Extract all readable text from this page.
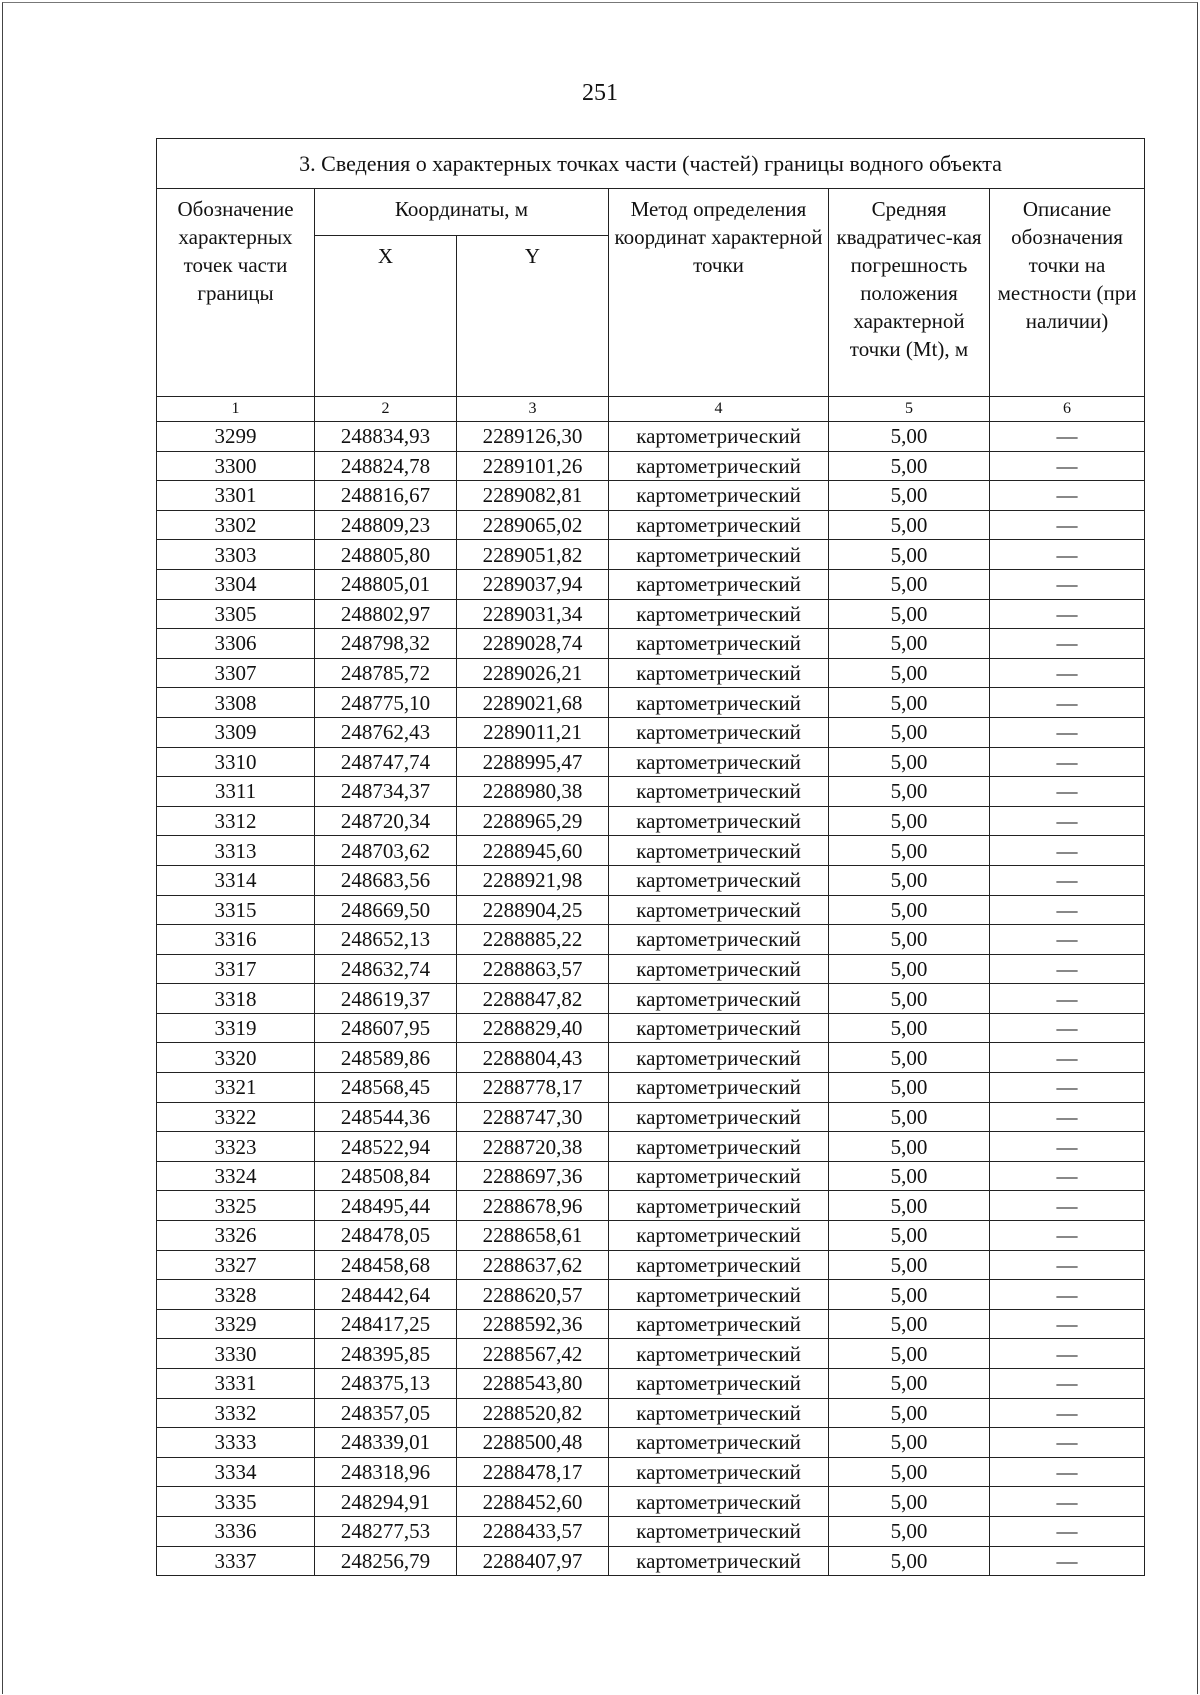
251
3. Сведения о характерных точках части (частей) границы водного объекта					
Обозначение характерных точек части границы	Координаты, м		Метод определения координат характерной точки	Средняя квадратичес-кая погрешность положения характерной точки (Mt), м	Описание обозначения точки на местности (при наличии)
	X	Y			
1	2	3	4	5	6
3299	248834,93	2289126,30	картометрический	5,00	—
3300	248824,78	2289101,26	картометрический	5,00	—
3301	248816,67	2289082,81	картометрический	5,00	—
3302	248809,23	2289065,02	картометрический	5,00	—
3303	248805,80	2289051,82	картометрический	5,00	—
3304	248805,01	2289037,94	картометрический	5,00	—
3305	248802,97	2289031,34	картометрический	5,00	—
3306	248798,32	2289028,74	картометрический	5,00	—
3307	248785,72	2289026,21	картометрический	5,00	—
3308	248775,10	2289021,68	картометрический	5,00	—
3309	248762,43	2289011,21	картометрический	5,00	—
3310	248747,74	2288995,47	картометрический	5,00	—
3311	248734,37	2288980,38	картометрический	5,00	—
3312	248720,34	2288965,29	картометрический	5,00	—
3313	248703,62	2288945,60	картометрический	5,00	—
3314	248683,56	2288921,98	картометрический	5,00	—
3315	248669,50	2288904,25	картометрический	5,00	—
3316	248652,13	2288885,22	картометрический	5,00	—
3317	248632,74	2288863,57	картометрический	5,00	—
3318	248619,37	2288847,82	картометрический	5,00	—
3319	248607,95	2288829,40	картометрический	5,00	—
3320	248589,86	2288804,43	картометрический	5,00	—
3321	248568,45	2288778,17	картометрический	5,00	—
3322	248544,36	2288747,30	картометрический	5,00	—
3323	248522,94	2288720,38	картометрический	5,00	—
3324	248508,84	2288697,36	картометрический	5,00	—
3325	248495,44	2288678,96	картометрический	5,00	—
3326	248478,05	2288658,61	картометрический	5,00	—
3327	248458,68	2288637,62	картометрический	5,00	—
3328	248442,64	2288620,57	картометрический	5,00	—
3329	248417,25	2288592,36	картометрический	5,00	—
3330	248395,85	2288567,42	картометрический	5,00	—
3331	248375,13	2288543,80	картометрический	5,00	—
3332	248357,05	2288520,82	картометрический	5,00	—
3333	248339,01	2288500,48	картометрический	5,00	—
3334	248318,96	2288478,17	картометрический	5,00	—
3335	248294,91	2288452,60	картометрический	5,00	—
3336	248277,53	2288433,57	картометрический	5,00	—
3337	248256,79	2288407,97	картометрический	5,00	—
